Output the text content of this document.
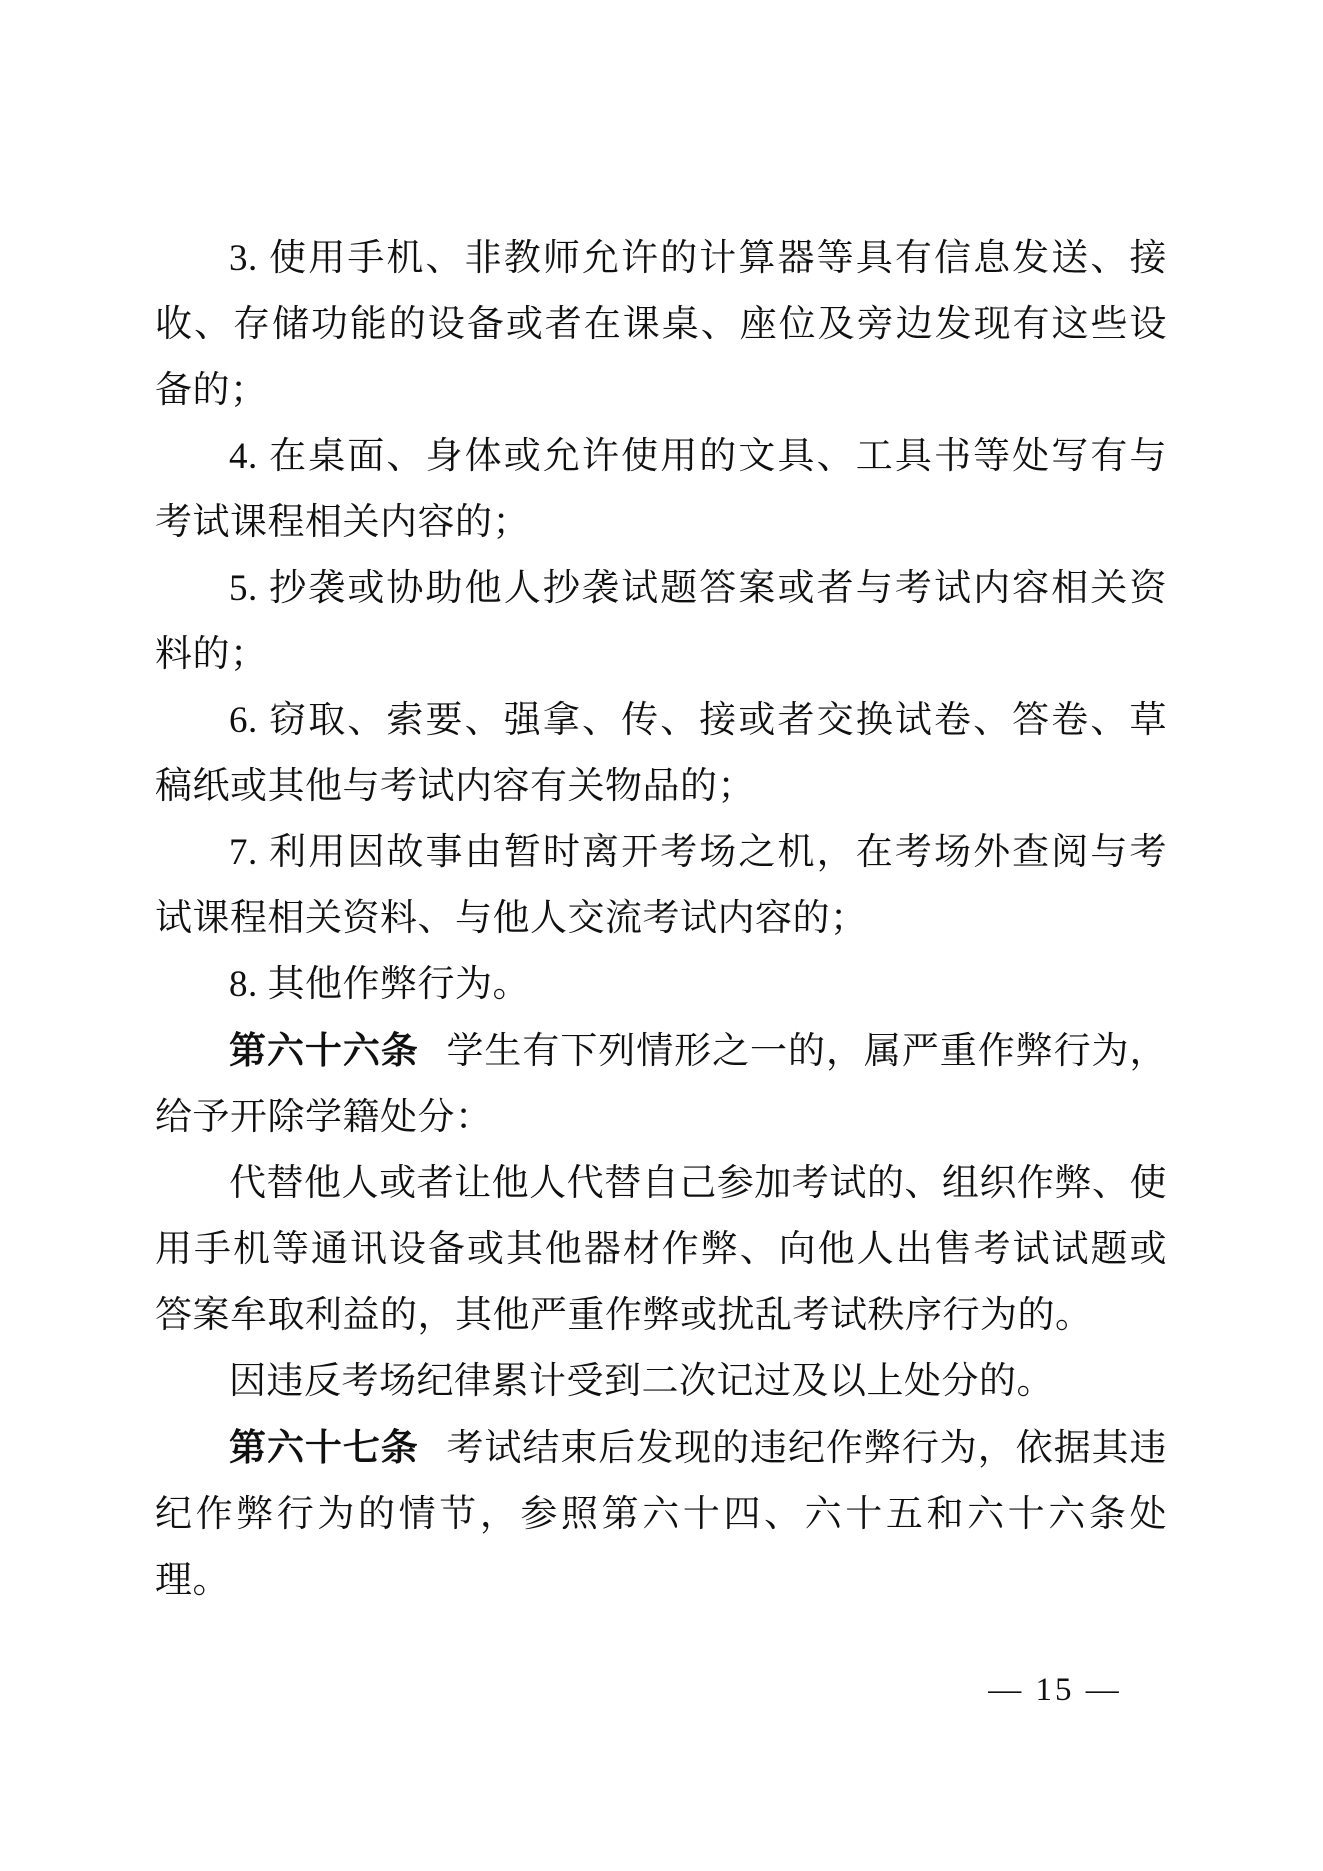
3. 使用手机、非教师允许的计算器等具有信息发送、接收、存储功能的设备或者在课桌、座位及旁边发现有这些设备的；

4. 在桌面、身体或允许使用的文具、工具书等处写有与考试课程相关内容的；

5. 抄袭或协助他人抄袭试题答案或者与考试内容相关资料的；

6. 窃取、索要、强拿、传、接或者交换试卷、答卷、草稿纸或其他与考试内容有关物品的；

7. 利用因故事由暂时离开考场之机，在考场外查阅与考试课程相关资料、与他人交流考试内容的；

8. 其他作弊行为。

第六十六条 学生有下列情形之一的，属严重作弊行为，给予开除学籍处分：

代替他人或者让他人代替自己参加考试的、组织作弊、使用手机等通讯设备或其他器材作弊、向他人出售考试试题或答案牟取利益的，其他严重作弊或扰乱考试秩序行为的。

因违反考场纪律累计受到二次记过及以上处分的。

第六十七条 考试结束后发现的违纪作弊行为，依据其违纪作弊行为的情节，参照第六十四、六十五和六十六条处理。

— 15 —
